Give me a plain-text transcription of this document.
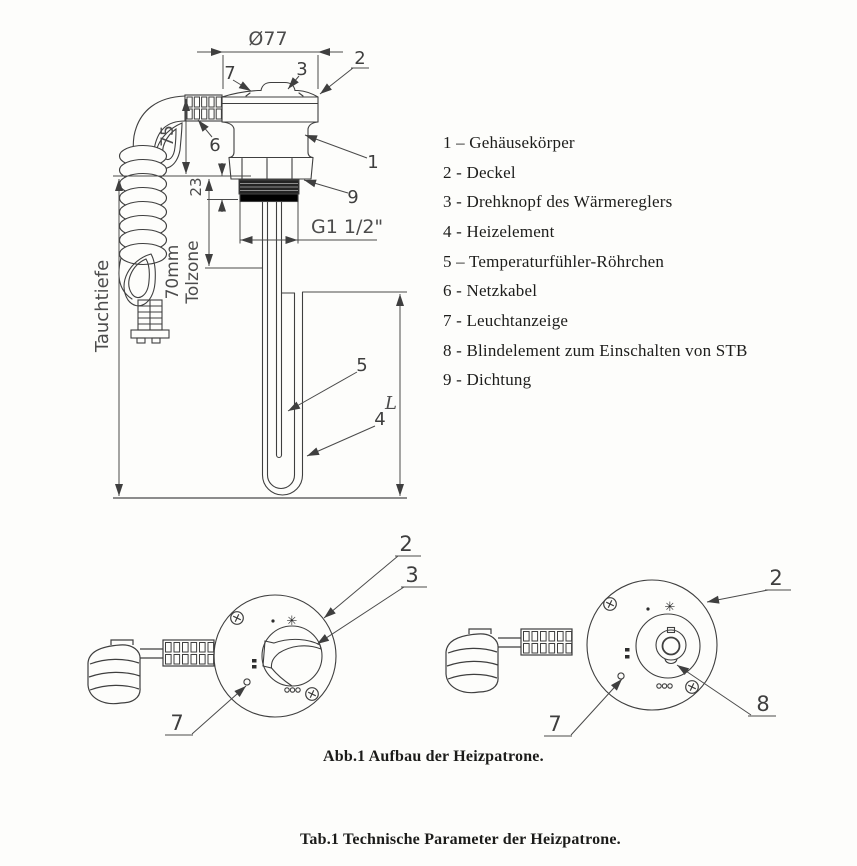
Ø77
75
23
70mm Tolzone
Tauchtiefe
G1 1/2"
L
7	3
2
6
1
9
5
4
✳
2
3
7
✳
2
8
7
1 – Gehäusekörper
2 - Deckel
3 - Drehknopf des Wärmereglers
4 - Heizelement
5 – Temperaturfühler-Röhrchen
6 - Netzkabel
7 - Leuchtanzeige
8 - Blindelement zum Einschalten von STB
9 - Dichtung
Abb.1 Aufbau der Heizpatrone.
Tab.1 Technische Parameter der Heizpatrone.
